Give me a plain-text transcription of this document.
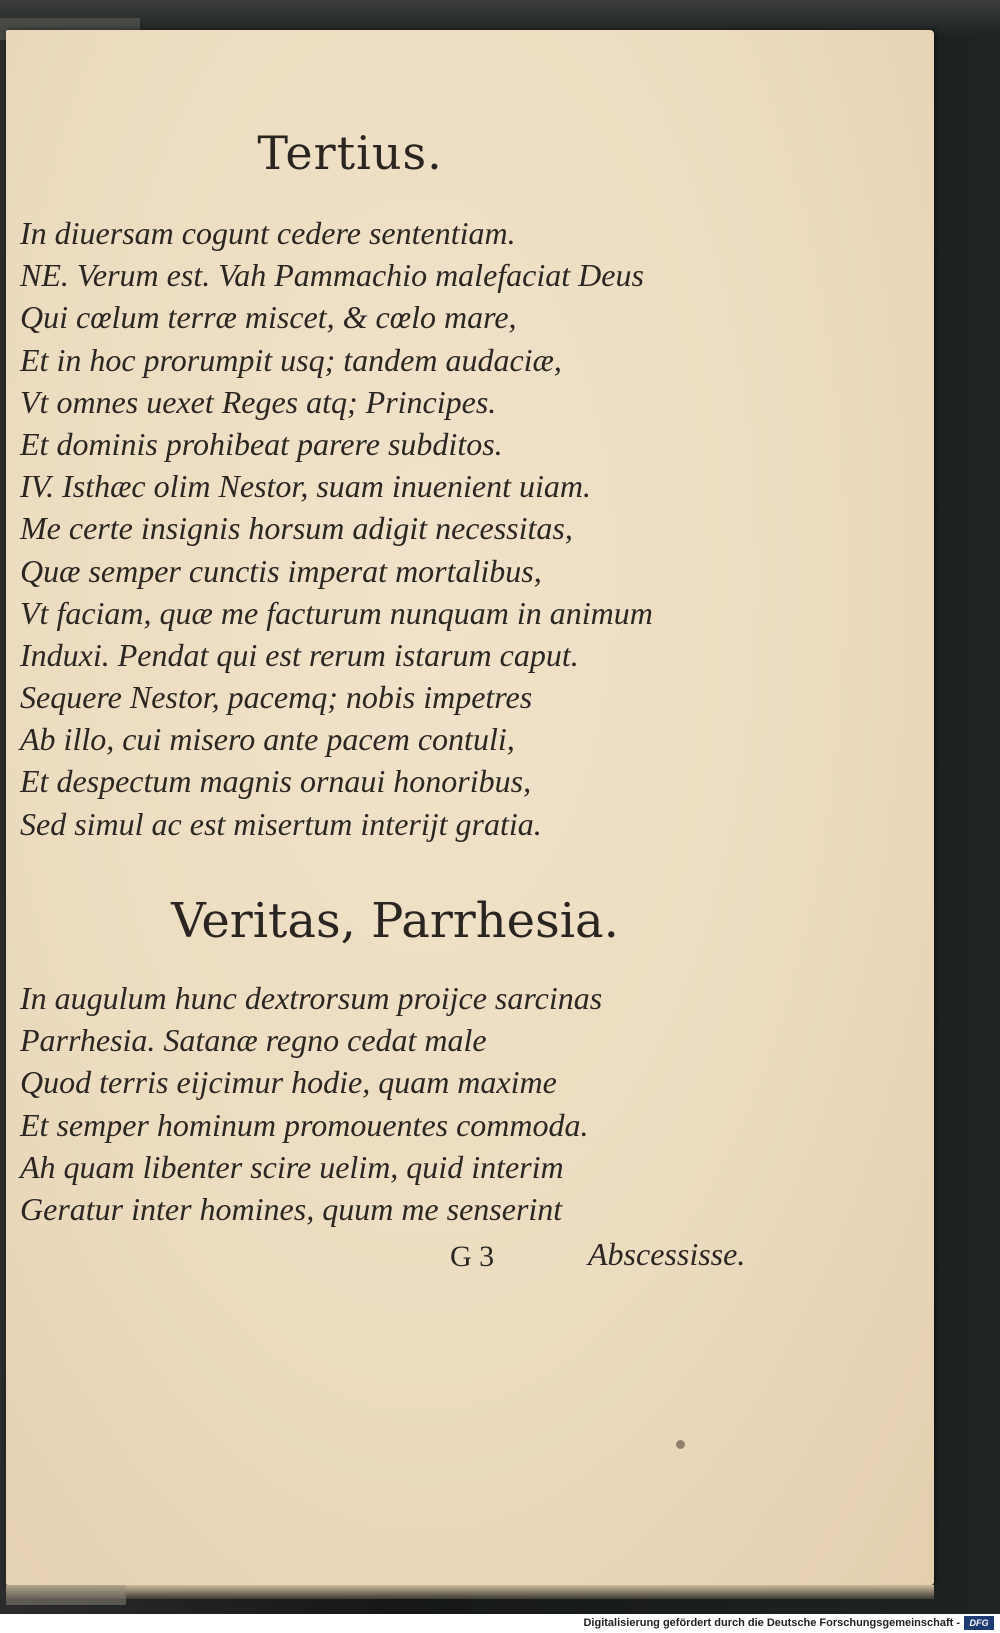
Tertius.
In diuersam cogunt cedere sententiam.
NE. Verum est. Vah Pammachio malefaciat Deus
Qui cœlum terræ miscet, & cœlo mare,
Et in hoc prorumpit usq; tandem audaciæ,
Vt omnes uexet Reges atq; Principes.
Et dominis prohibeat parere subditos.
IV. Isthæc olim Nestor, suam inuenient uiam.
Me certe insignis horsum adigit necessitas,
Quæ semper cunctis imperat mortalibus,
Vt faciam, quæ me facturum nunquam in animum
Induxi. Pendat qui est rerum istarum caput.
Sequere Nestor, pacemq; nobis impetres
Ab illo, cui misero ante pacem contuli,
Et despectum magnis ornaui honoribus,
Sed simul ac est misertum interijt gratia.
Veritas, Parrhesia.
In augulum hunc dextrorsum proijce sarcinas
Parrhesia. Satanæ regno cedat male
Quod terris eijcimur hodie, quam maxime
Et semper hominum promouentes commoda.
Ah quam libenter scire uelim, quid interim
Geratur inter homines, quum me senserint
G 3	Abscessisse.
Digitalisierung gefördert durch die Deutsche Forschungsgemeinschaft -	DFG
